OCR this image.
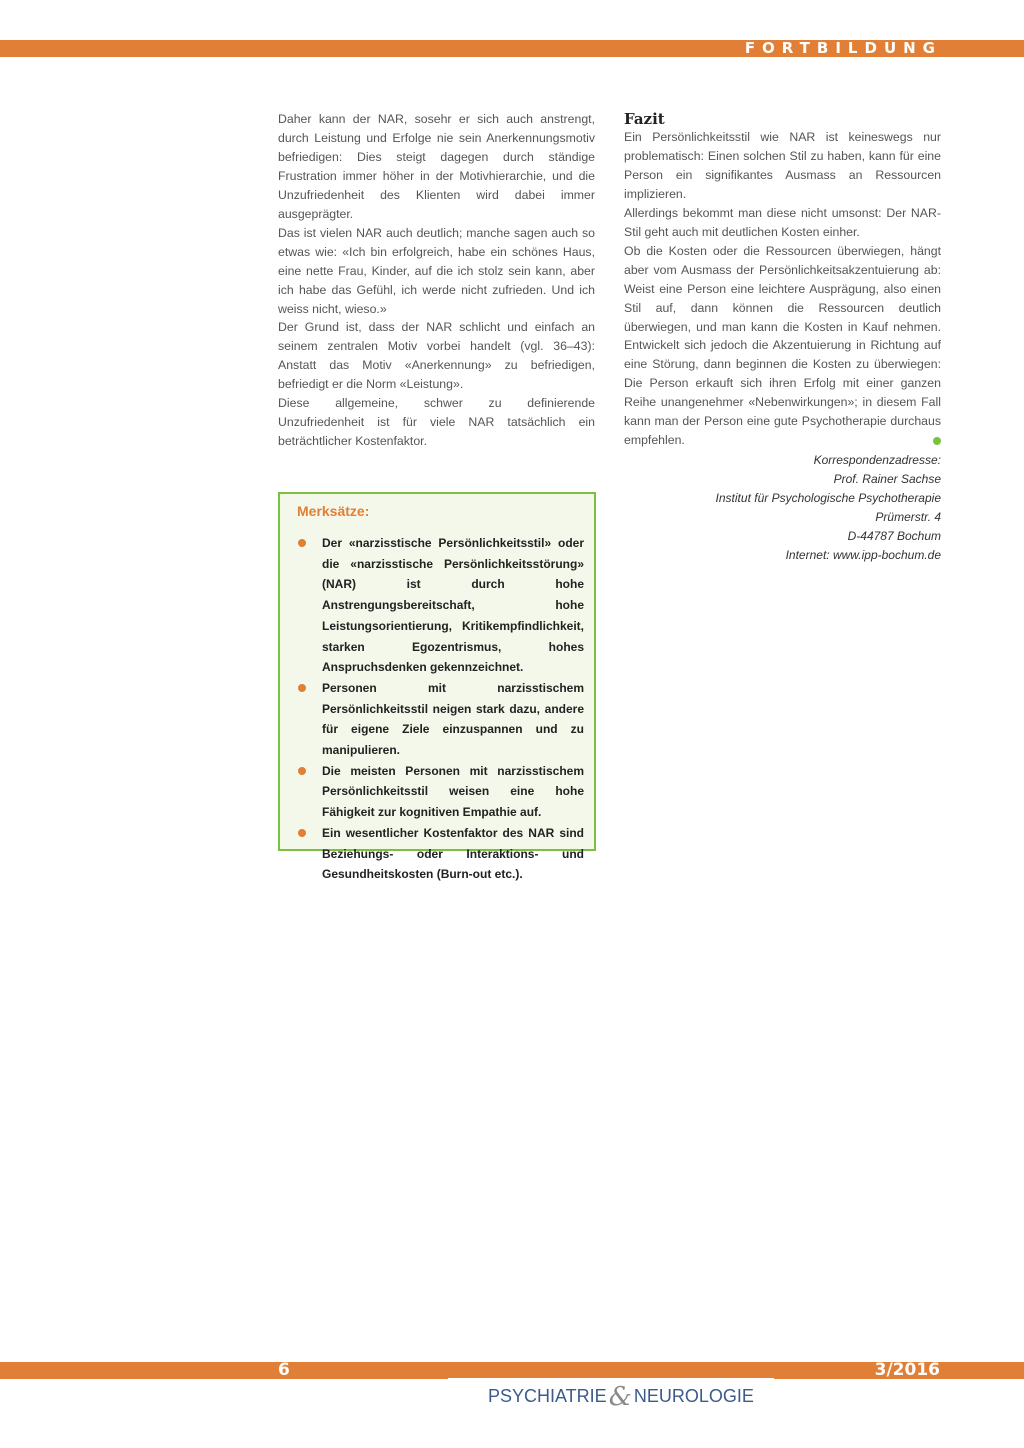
FORTBILDUNG

Daher kann der NAR, sosehr er sich auch anstrengt, durch Leistung und Erfolge nie sein Anerkennungsmotiv befriedigen: Dies steigt dagegen durch ständige Frustration immer höher in der Motivhierarchie, und die Unzufriedenheit des Klienten wird dabei immer ausgeprägter.

Das ist vielen NAR auch deutlich; manche sagen auch so etwas wie: «Ich bin erfolgreich, habe ein schönes Haus, eine nette Frau, Kinder, auf die ich stolz sein kann, aber ich habe das Gefühl, ich werde nicht zufrieden. Und ich weiss nicht, wieso.»

Der Grund ist, dass der NAR schlicht und einfach an seinem zentralen Motiv vorbei handelt (vgl. 36–43): Anstatt das Motiv «Anerkennung» zu befriedigen, befriedigt er die Norm «Leistung».

Diese allgemeine, schwer zu definierende Unzufriedenheit ist für viele NAR tatsächlich ein beträchtlicher Kostenfaktor.

Merksätze:
Der «narzisstische Persönlichkeitsstil» oder die «narzisstische Persönlichkeitsstörung» (NAR) ist durch hohe Anstrengungsbereitschaft, hohe Leistungsorientierung, Kritikempfindlichkeit, starken Egozentrismus, hohes Anspruchsdenken gekennzeichnet.
Personen mit narzisstischem Persönlichkeitsstil neigen stark dazu, andere für eigene Ziele einzuspannen und zu manipulieren.
Die meisten Personen mit narzisstischem Persönlichkeitsstil weisen eine hohe Fähigkeit zur kognitiven Empathie auf.
Ein wesentlicher Kostenfaktor des NAR sind Beziehungs- oder Interaktions- und Gesundheitskosten (Burn-out etc.).
Fazit

Ein Persönlichkeitsstil wie NAR ist keineswegs nur problematisch: Einen solchen Stil zu haben, kann für eine Person ein signifikantes Ausmass an Ressourcen implizieren.

Allerdings bekommt man diese nicht umsonst: Der NAR-Stil geht auch mit deutlichen Kosten einher.

Ob die Kosten oder die Ressourcen überwiegen, hängt aber vom Ausmass der Persönlichkeitsakzentuierung ab: Weist eine Person eine leichtere Ausprägung, also einen Stil auf, dann können die Ressourcen deutlich überwiegen, und man kann die Kosten in Kauf nehmen. Entwickelt sich jedoch die Akzentuierung in Richtung auf eine Störung, dann beginnen die Kosten zu überwiegen: Die Person erkauft sich ihren Erfolg mit einer ganzen Reihe unangenehmer «Nebenwirkungen»; in diesem Fall kann man der Person eine gute Psychotherapie durchaus empfehlen.

Korrespondenzadresse:
Prof. Rainer Sachse
Institut für Psychologische Psychotherapie
Prümerstr. 4
D-44787 Bochum
Internet: www.ipp-bochum.de
6	3/2016
PSYCHIATRIE& NEUROLOGIE
